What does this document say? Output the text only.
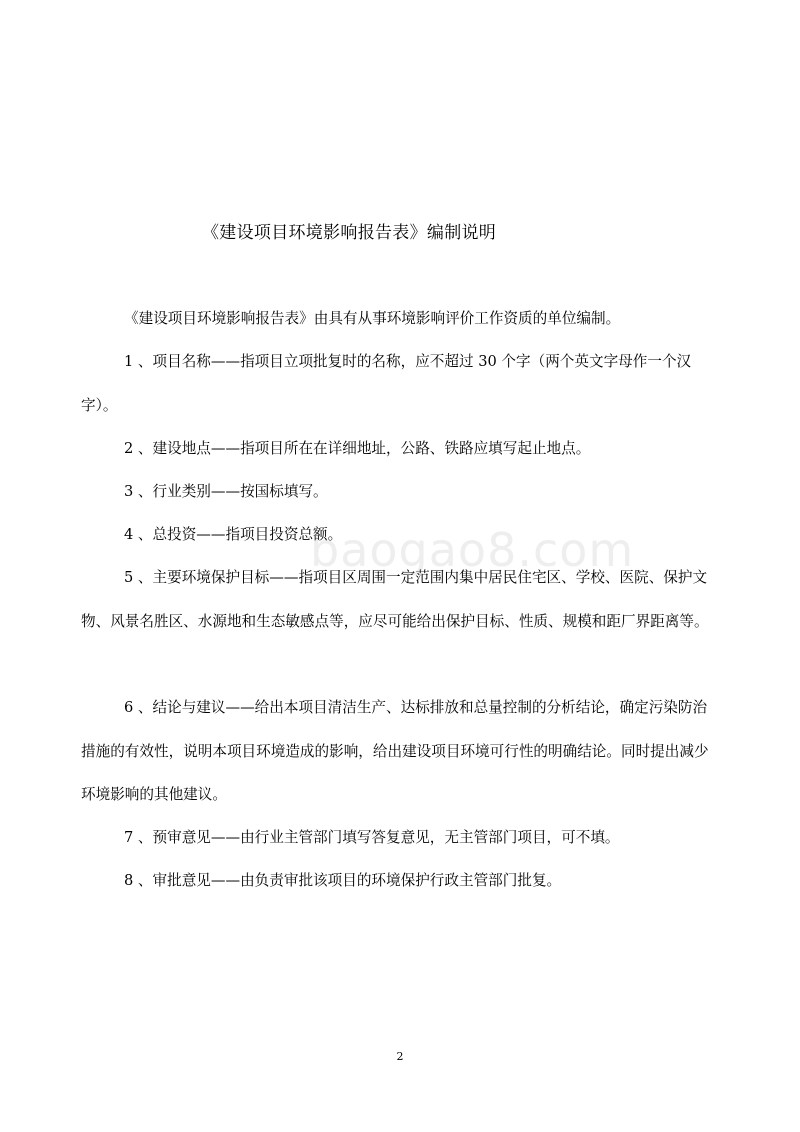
《建设项目环境影响报告表》编制说明

《建设项目环境影响报告表》由具有从事环境影响评价工作资质的单位编制。

1 、项目名称——指项目立项批复时的名称，应不超过 30 个字（两个英文字母作一个汉字）。

2 、建设地点——指项目所在在详细地址，公路、铁路应填写起止地点。

3 、行业类别——按国标填写。

4 、总投资——指项目投资总额。

5 、主要环境保护目标——指项目区周围一定范围内集中居民住宅区、学校、医院、保护文物、风景名胜区、水源地和生态敏感点等，应尽可能给出保护目标、性质、规模和距厂界距离等。

6 、结论与建议——给出本项目清洁生产、达标排放和总量控制的分析结论，确定污染防治措施的有效性，说明本项目环境造成的影响，给出建设项目环境可行性的明确结论。同时提出减少环境影响的其他建议。

7 、预审意见——由行业主管部门填写答复意见，无主管部门项目，可不填。

8 、审批意见——由负责审批该项目的环境保护行政主管部门批复。

baogao8.com
2
